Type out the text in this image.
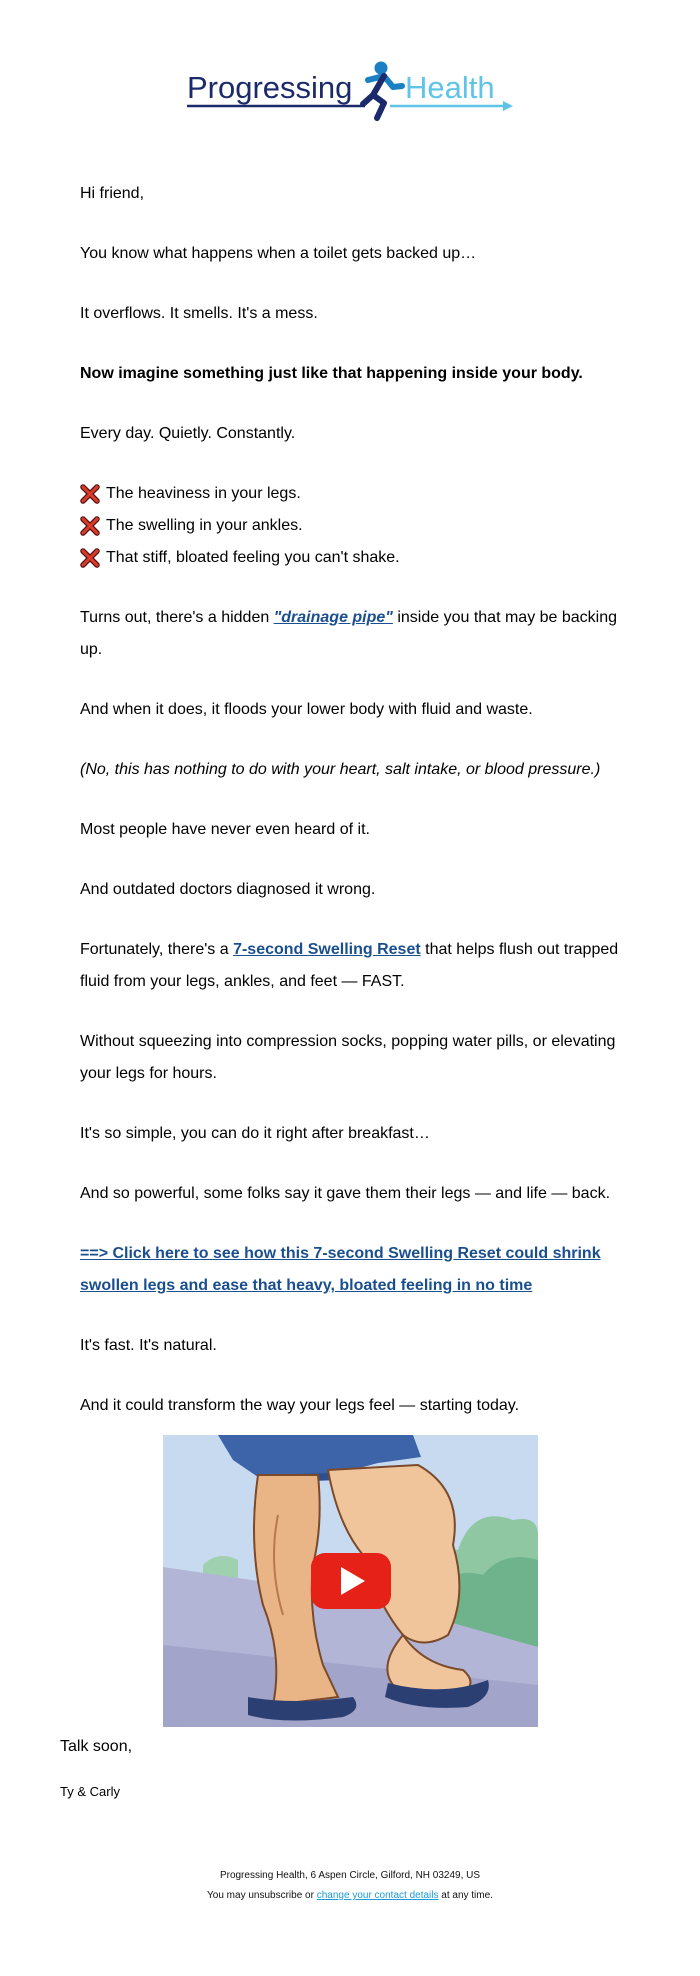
Progressing Health
Hi friend,
You know what happens when a toilet gets backed up…
It overflows. It smells. It's a mess.
Now imagine something just like that happening inside your body.
Every day. Quietly. Constantly.
The heaviness in your legs.
The swelling in your ankles.
That stiff, bloated feeling you can't shake.
Turns out, there's a hidden "drainage pipe" inside you that may be backing up.
And when it does, it floods your lower body with fluid and waste.
(No, this has nothing to do with your heart, salt intake, or blood pressure.)
Most people have never even heard of it.
And outdated doctors diagnosed it wrong.
Fortunately, there's a 7-second Swelling Reset that helps flush out trapped fluid from your legs, ankles, and feet — FAST.
Without squeezing into compression socks, popping water pills, or elevating your legs for hours.
It's so simple, you can do it right after breakfast…
And so powerful, some folks say it gave them their legs — and life — back.
==> Click here to see how this 7-second Swelling Reset could shrink swollen legs and ease that heavy, bloated feeling in no time
It's fast. It's natural.
And it could transform the way your legs feel — starting today.
Talk soon,
Ty & Carly
Progressing Health, 6 Aspen Circle, Gilford, NH 03249, US
You may unsubscribe or change your contact details at any time.
